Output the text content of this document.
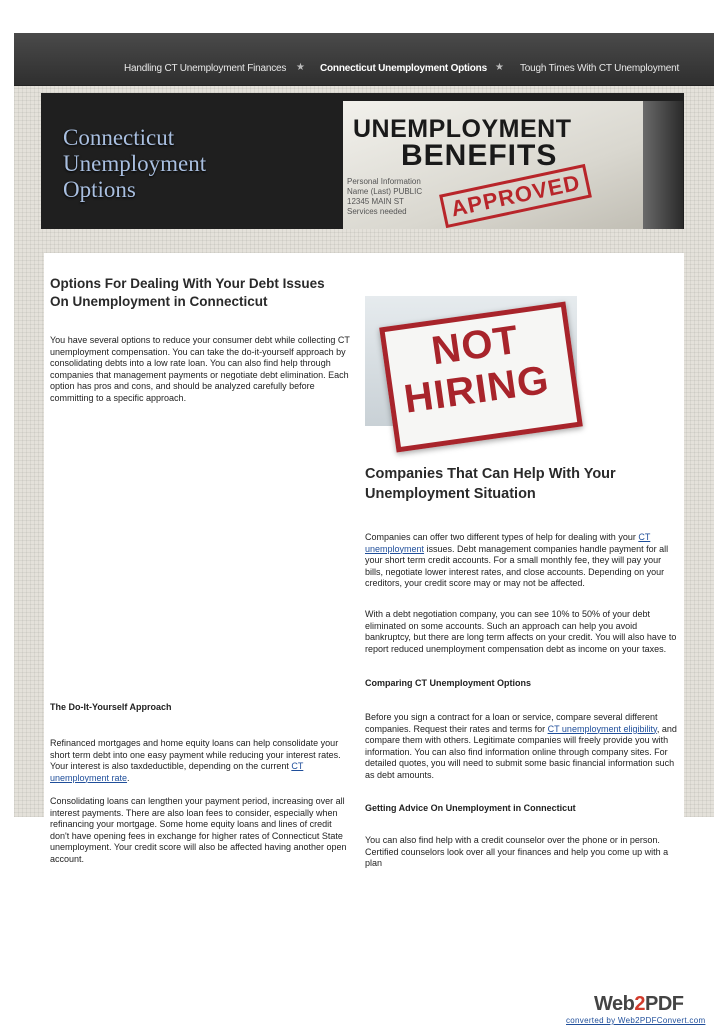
Handling CT Unemployment Finances ★ Connecticut Unemployment Options ★ Tough Times With CT Unemployment
Connecticut
Unemployment
Options
UNEMPLOYMENT
BENEFITS
Personal Information
Name (Last) PUBLIC
12345 MAIN ST
Services needed	APPROVED
Options For Dealing With Your Debt Issues On Unemployment in Connecticut
You have several options to reduce your consumer debt while collecting CT unemployment compensation. You can take the do-it-yourself approach by consolidating debts into a low rate loan. You can also find help through companies that management payments or negotiate debt elimination. Each option has pros and cons, and should be analyzed carefully before committing to a specific approach.
The Do-It-Yourself Approach
Refinanced mortgages and home equity loans can help consolidate your short term debt into one easy payment while reducing your interest rates. Your interest is also taxdeductible, depending on the current CT unemployment rate.
Consolidating loans can lengthen your payment period, increasing over all interest payments. There are also loan fees to consider, especially when refinancing your mortgage. Some home equity loans and lines of credit don't have opening fees in exchange for higher rates of Connecticut State unemployment. Your credit score will also be affected having another open account.
NOT
HIRING
Companies That Can Help With Your Unemployment Situation
Companies can offer two different types of help for dealing with your CT unemployment issues. Debt management companies handle payment for all your short term credit accounts. For a small monthly fee, they will pay your bills, negotiate lower interest rates, and close accounts. Depending on your creditors, your credit score may or may not be affected.
With a debt negotiation company, you can see 10% to 50% of your debt eliminated on some accounts. Such an approach can help you avoid bankruptcy, but there are long term affects on your credit. You will also have to report reduced unemployment compensation debt as income on your taxes.
Comparing CT Unemployment Options
Before you sign a contract for a loan or service, compare several different companies. Request their rates and terms for CT unemployment eligibility, and compare them with others. Legitimate companies will freely provide you with information. You can also find information online through company sites. For detailed quotes, you will need to submit some basic financial information such as debt amounts.
Getting Advice On Unemployment in Connecticut
You can also find help with a credit counselor over the phone or in person. Certified counselors look over all your finances and help you come up with a plan
Web2PDF
converted by Web2PDFConvert.com
